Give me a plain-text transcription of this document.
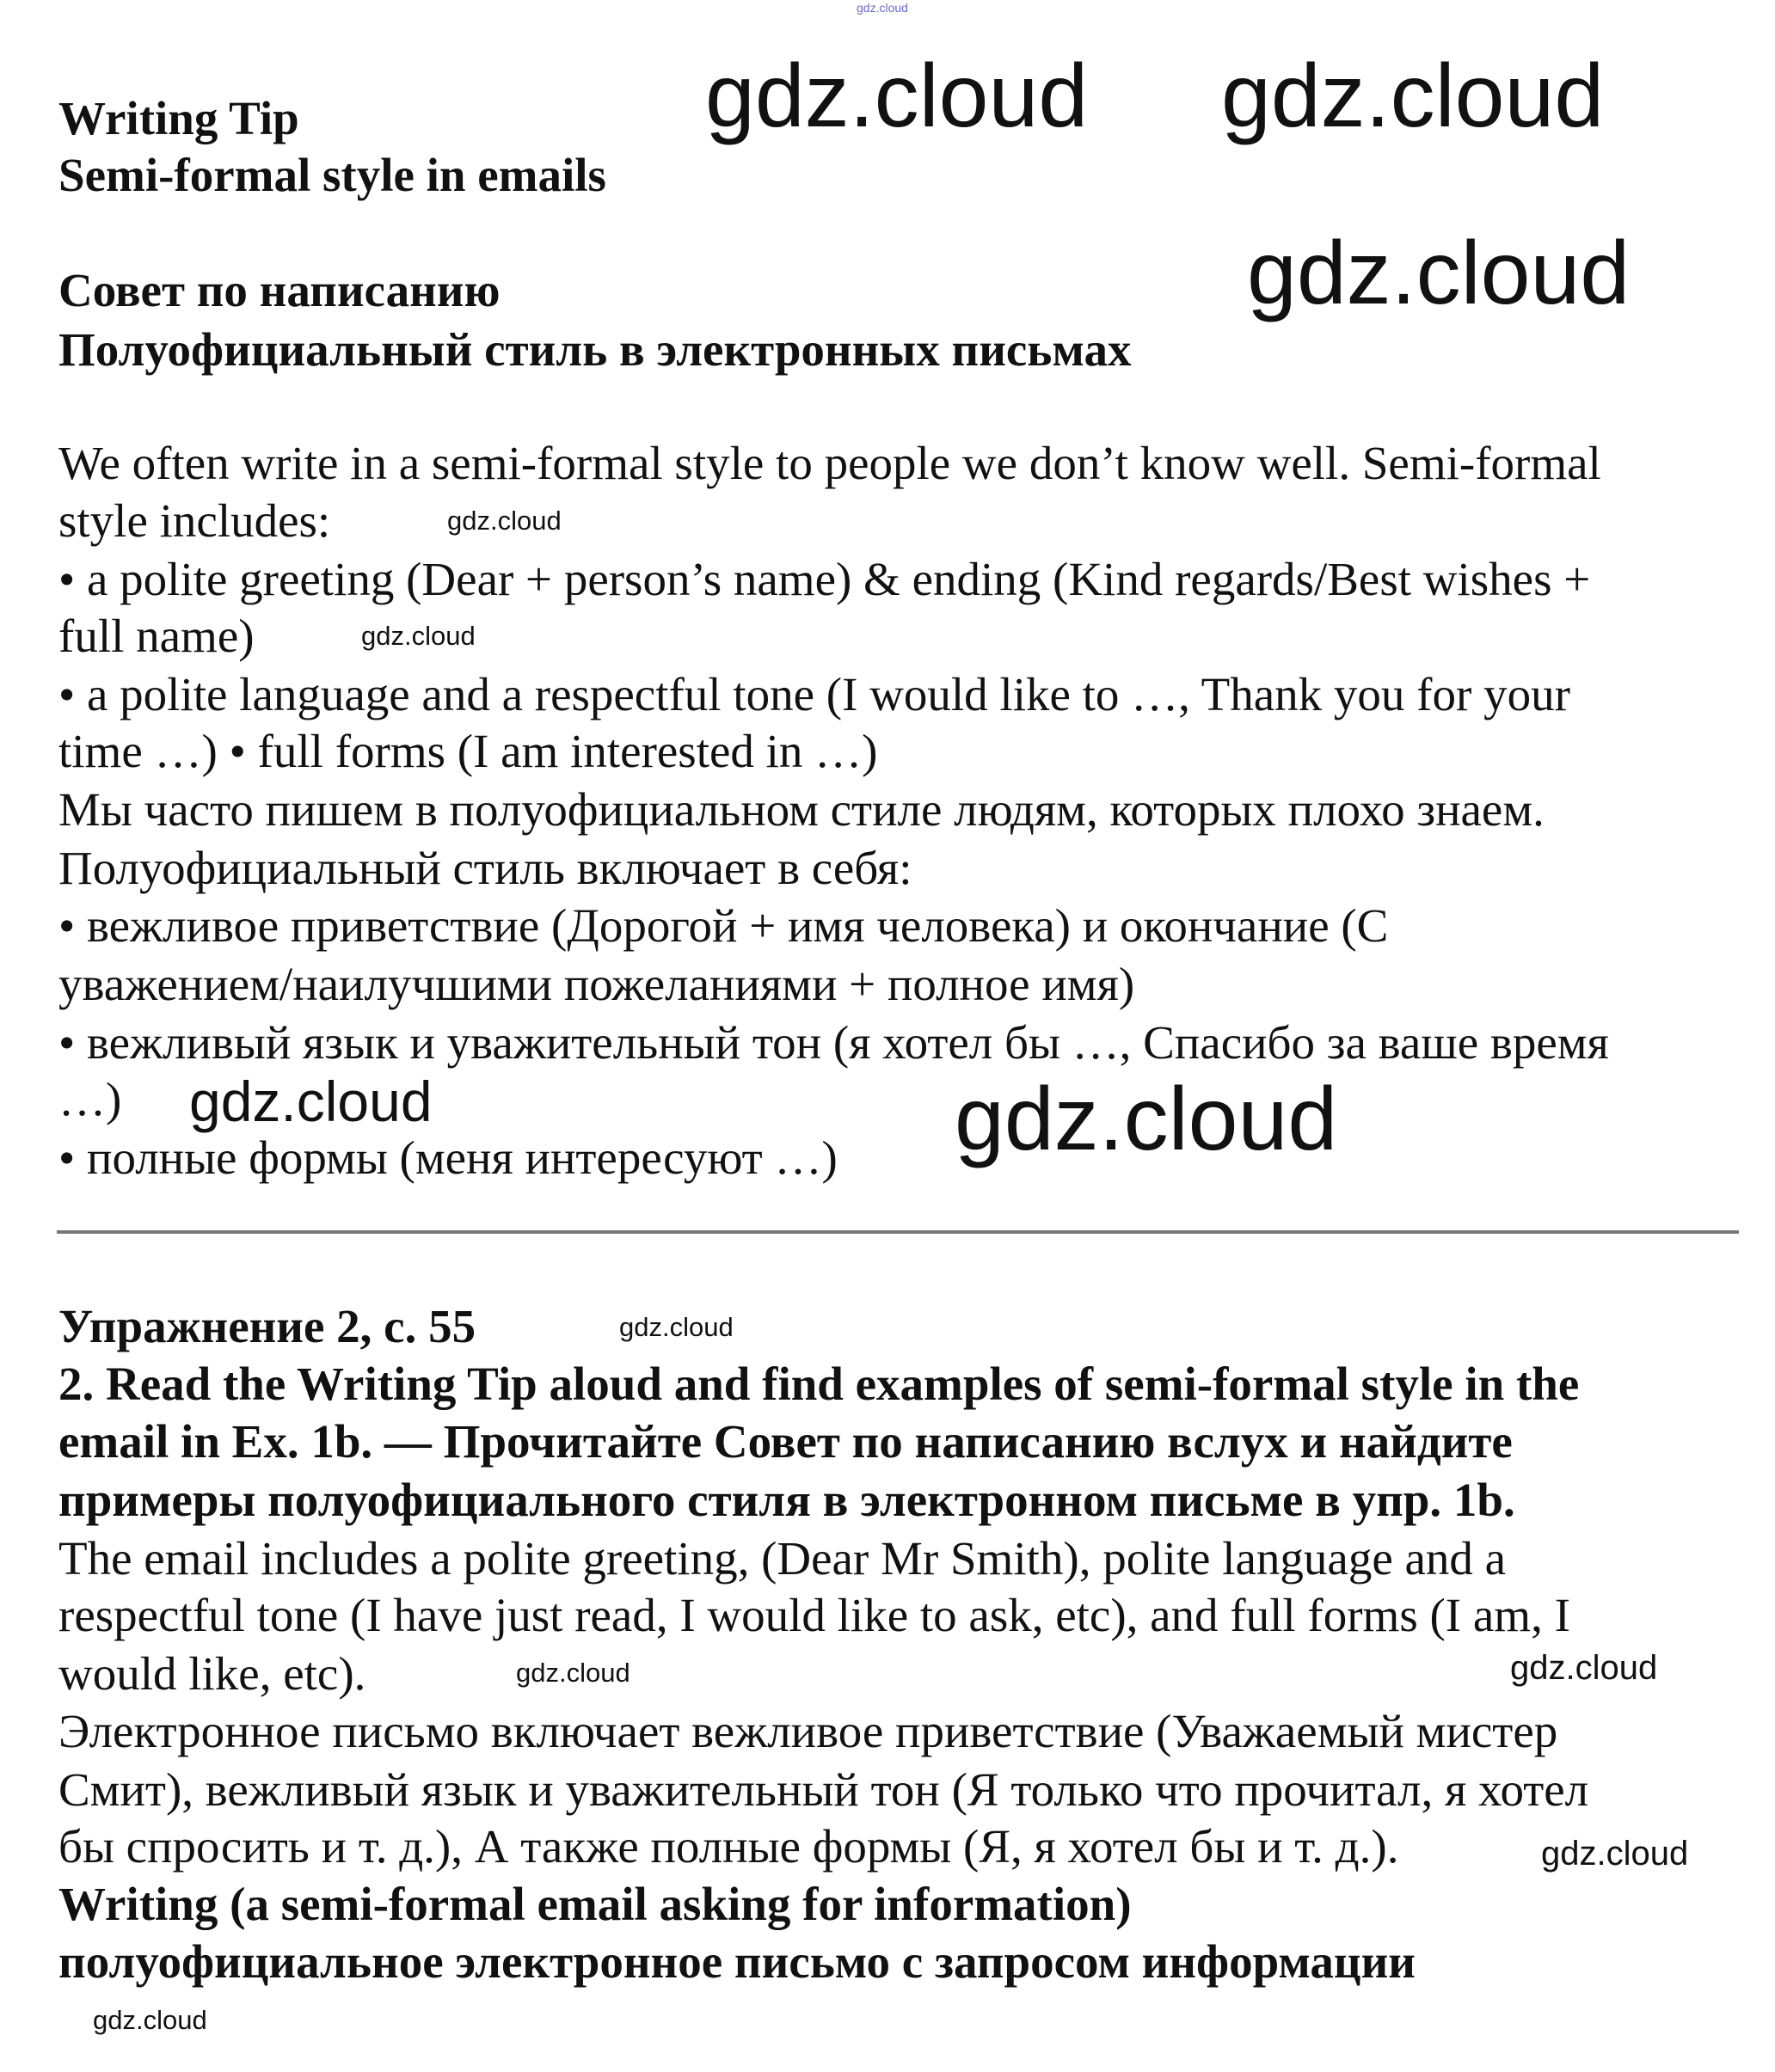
gdz.cloud
Writing Tip
Semi-formal style in emails
Совет по написанию
Полуофициальный стиль в электронных письмах
We often write in a semi-formal style to people we don’t know well. Semi-formal
style includes:
• a polite greeting (Dear + person’s name) & ending (Kind regards/Best wishes +
full name)
• a polite language and a respectful tone (I would like to …, Thank you for your
time …) • full forms (I am interested in …)
Мы часто пишем в полуофициальном стиле людям, которых плохо знаем.
Полуофициальный стиль включает в себя:
• вежливое приветствие (Дорогой + имя человека) и окончание (С
уважением/наилучшими пожеланиями + полное имя)
• вежливый язык и уважительный тон (я хотел бы …, Спасибо за ваше время
…)
• полные формы (меня интересуют …)
Упражнение 2, с. 55
2. Read the Writing Tip aloud and find examples of semi-formal style in the
email in Ex. 1b. — Прочитайте Совет по написанию вслух и найдите
примеры полуофициального стиля в электронном письме в упр. 1b.
The email includes a polite greeting, (Dear Mr Smith), polite language and a
respectful tone (I have just read, I would like to ask, etc), and full forms (I am, I
would like, etc).
Электронное письмо включает вежливое приветствие (Уважаемый мистер
Смит), вежливый язык и уважительный тон (Я только что прочитал, я хотел
бы спросить и т. д.), А также полные формы (Я, я хотел бы и т. д.).
Writing (a semi-formal email asking for information)
полуофициальное электронное письмо с запросом информации
gdz.cloud
gdz.cloud
gdz.cloud
gdz.cloud
gdz.cloud
gdz.cloud
gdz.cloud
gdz.cloud
gdz.cloud
gdz.cloud
gdz.cloud
gdz.cloud
